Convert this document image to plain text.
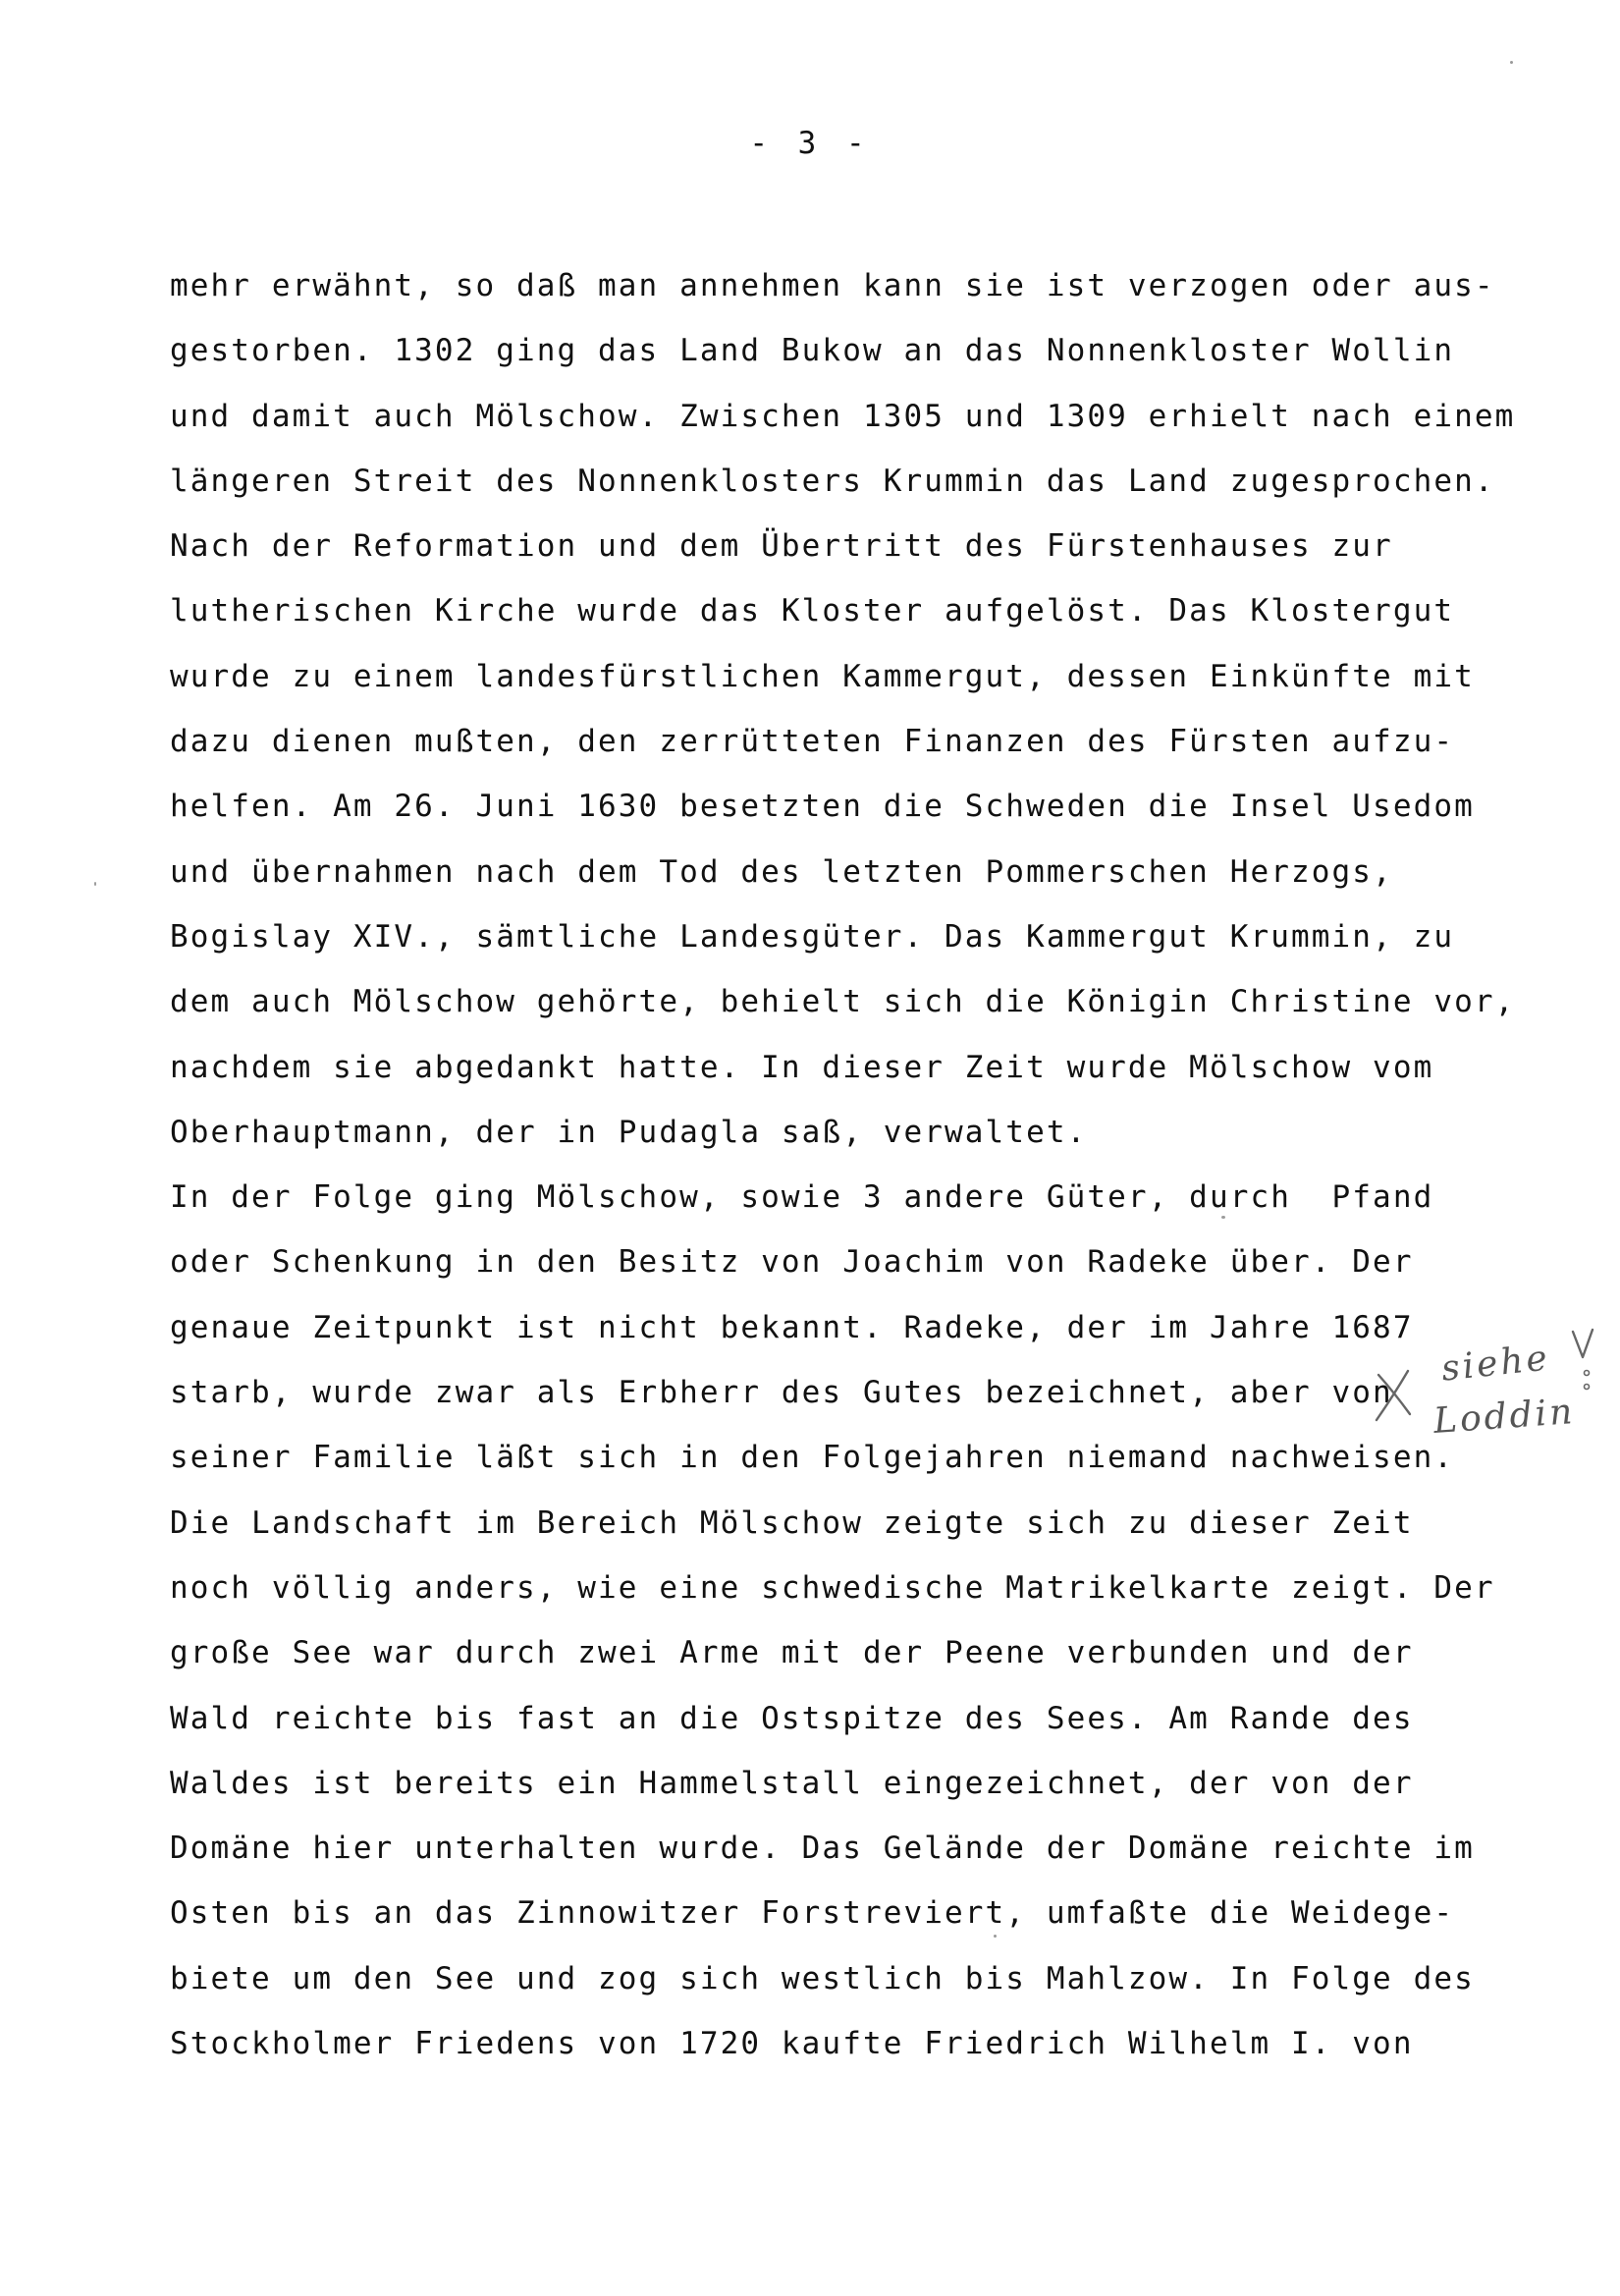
- 3 -
mehr erwähnt, so daß man annehmen kann sie ist verzogen oder aus-
gestorben. 1302 ging das Land Bukow an das Nonnenkloster Wollin
und damit auch Mölschow. Zwischen 1305 und 1309 erhielt nach einem
längeren Streit des Nonnenklosters Krummin das Land zugesprochen.
Nach der Reformation und dem Übertritt des Fürstenhauses zur
lutherischen Kirche wurde das Kloster aufgelöst. Das Klostergut
wurde zu einem landesfürstlichen Kammergut, dessen Einkünfte mit
dazu dienen mußten, den zerrütteten Finanzen des Fürsten aufzu-
helfen. Am 26. Juni 1630 besetzten die Schweden die Insel Usedom
und übernahmen nach dem Tod des letzten Pommerschen Herzogs,
Bogislay XIV., sämtliche Landesgüter. Das Kammergut Krummin, zu
dem auch Mölschow gehörte, behielt sich die Königin Christine vor,
nachdem sie abgedankt hatte. In dieser Zeit wurde Mölschow vom
Oberhauptmann, der in Pudagla saß, verwaltet.
In der Folge ging Mölschow, sowie 3 andere Güter, durch  Pfand
oder Schenkung in den Besitz von Joachim von Radeke über. Der
genaue Zeitpunkt ist nicht bekannt. Radeke, der im Jahre 1687
starb, wurde zwar als Erbherr des Gutes bezeichnet, aber von
seiner Familie läßt sich in den Folgejahren niemand nachweisen.
Die Landschaft im Bereich Mölschow zeigte sich zu dieser Zeit
noch völlig anders, wie eine schwedische Matrikelkarte zeigt. Der
große See war durch zwei Arme mit der Peene verbunden und der
Wald reichte bis fast an die Ostspitze des Sees. Am Rande des
Waldes ist bereits ein Hammelstall eingezeichnet, der von der
Domäne hier unterhalten wurde. Das Gelände der Domäne reichte im
Osten bis an das Zinnowitzer Forstreviert, umfaßte die Weidege-
biete um den See und zog sich westlich bis Mahlzow. In Folge des
Stockholmer Friedens von 1720 kaufte Friedrich Wilhelm I. von
siehe
Loddin
